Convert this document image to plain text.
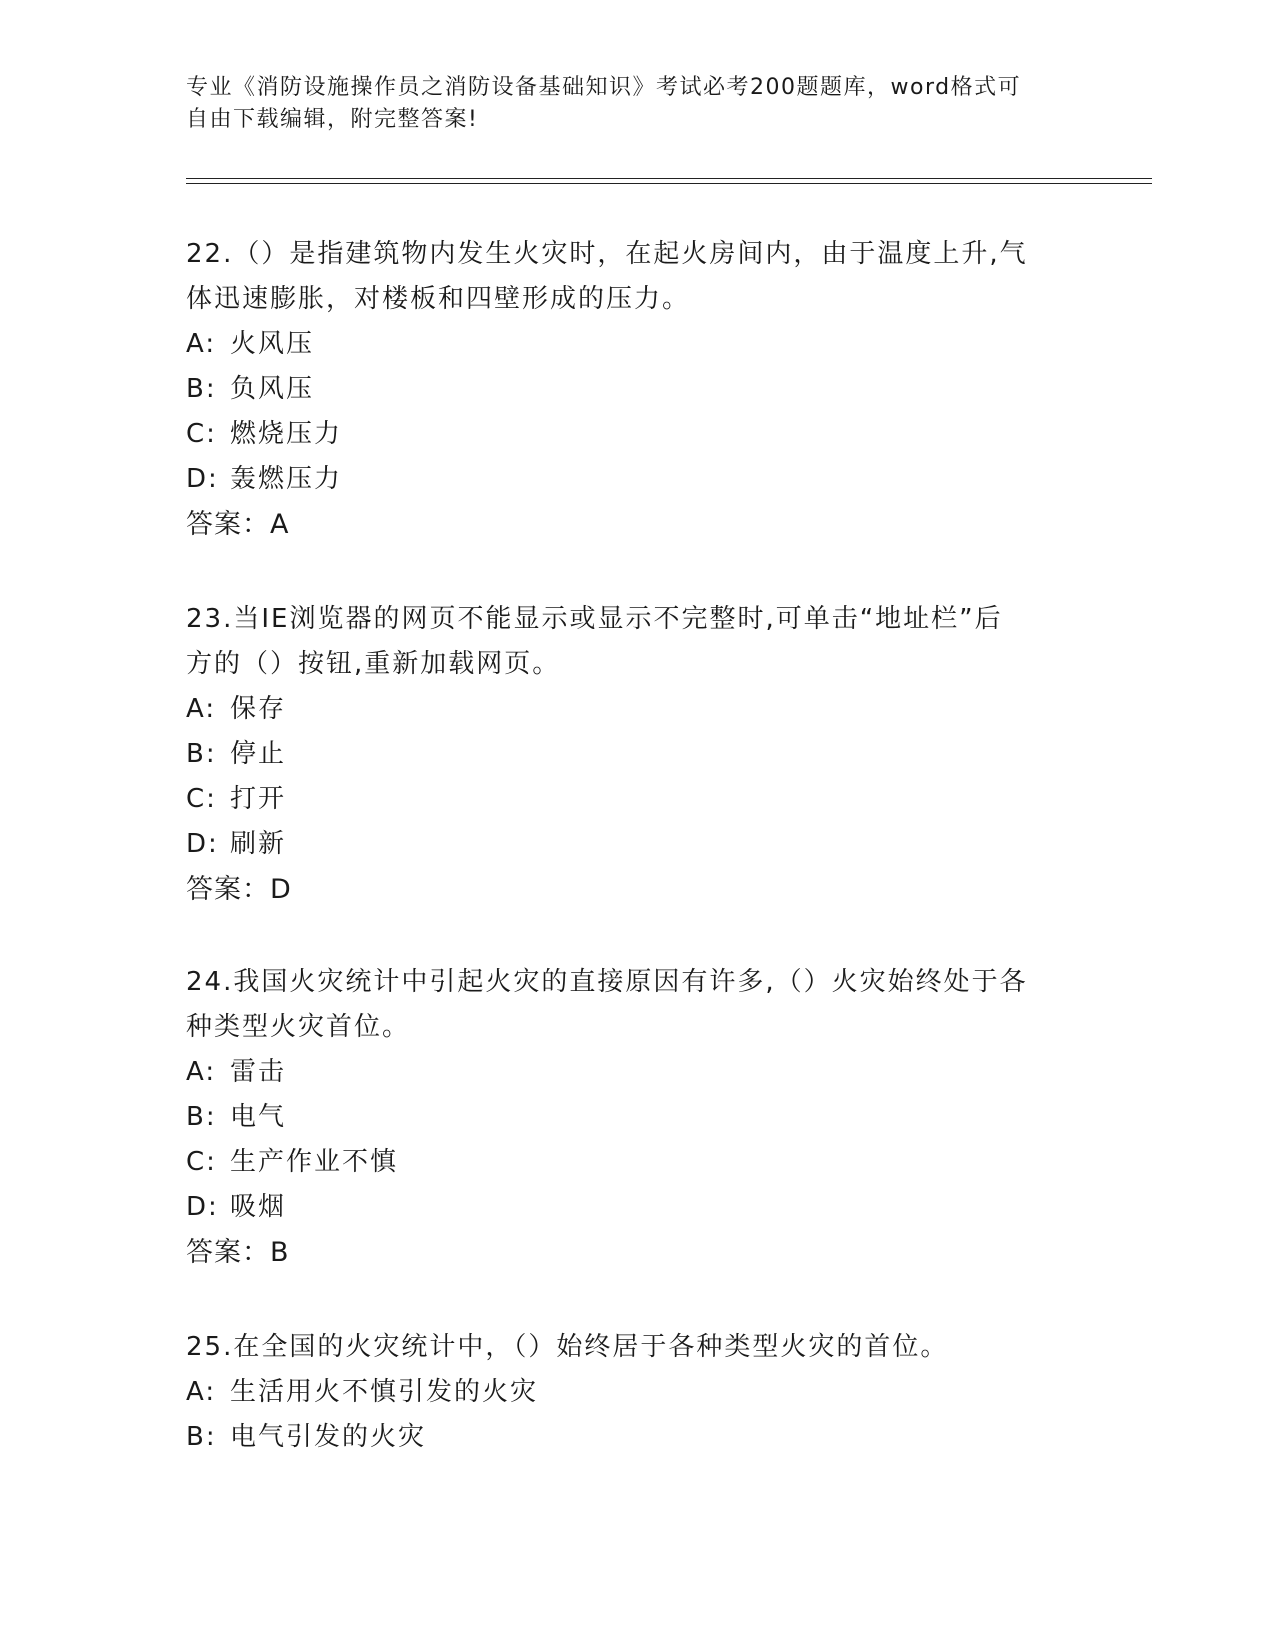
专业《消防设施操作员之消防设备基础知识》考试必考200题题库，word格式可
自由下载编辑，附完整答案!

22.（）是指建筑物内发生火灾时，在起火房间内，由于温度上升,气

体迅速膨胀，对楼板和四壁形成的压力。

A: 火风压

B: 负风压

C: 燃烧压力

D: 轰燃压力

答案：A

23.当IE浏览器的网页不能显示或显示不完整时,可单击“地址栏”后

方的（）按钮,重新加载网页。

A: 保存

B: 停止

C: 打开

D: 刷新

答案：D

24.我国火灾统计中引起火灾的直接原因有许多,（）火灾始终处于各

种类型火灾首位。

A: 雷击

B: 电气

C: 生产作业不慎

D: 吸烟

答案：B

25.在全国的火灾统计中，（）始终居于各种类型火灾的首位。

A: 生活用火不慎引发的火灾

B: 电气引发的火灾
